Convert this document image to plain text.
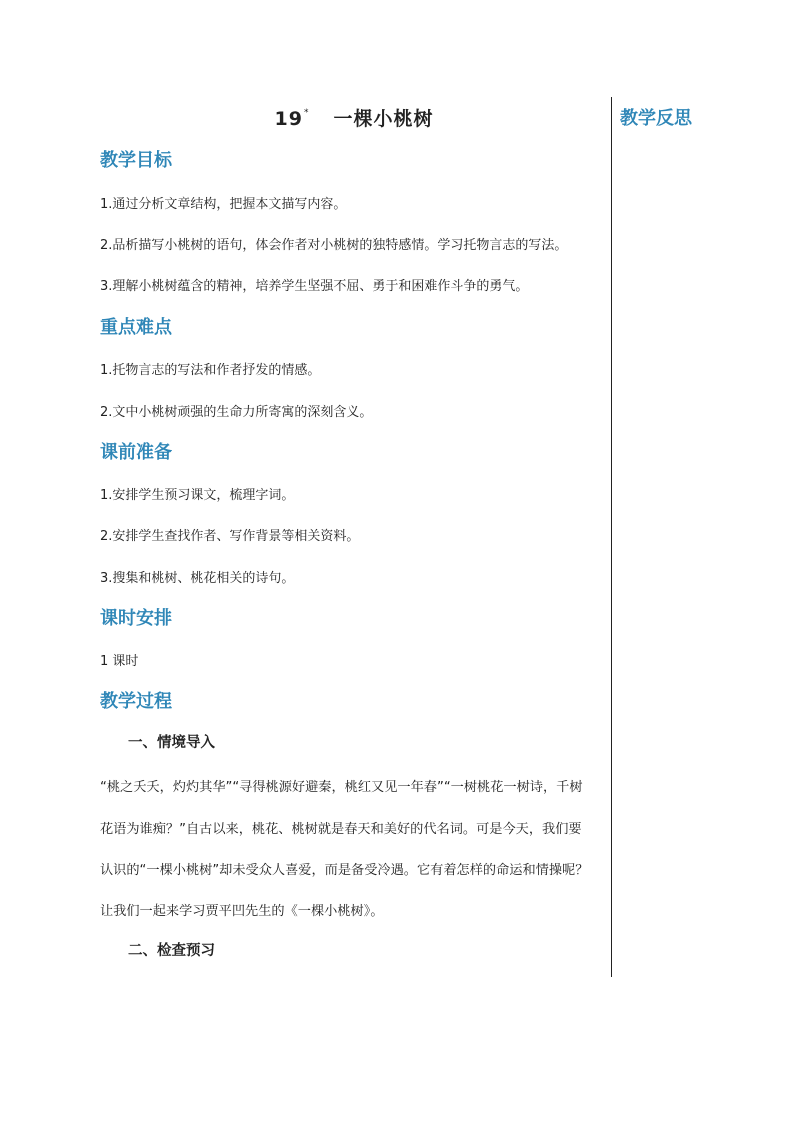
19* 一棵小桃树	教学反思
教学目标
1.通过分析文章结构，把握本文描写内容。
2.品析描写小桃树的语句，体会作者对小桃树的独特感情。学习托物言志的写法。
3.理解小桃树蕴含的精神，培养学生坚强不屈、勇于和困难作斗争的勇气。
重点难点
1.托物言志的写法和作者抒发的情感。
2.文中小桃树顽强的生命力所寄寓的深刻含义。
课前准备
1.安排学生预习课文，梳理字词。
2.安排学生查找作者、写作背景等相关资料。
3.搜集和桃树、桃花相关的诗句。
课时安排
1 课时
教学过程
一、情境导入
“桃之夭夭，灼灼其华”“寻得桃源好避秦，桃红又见一年春”“一树桃花一树诗，千树
花语为谁痴？”自古以来，桃花、桃树就是春天和美好的代名词。可是今天，我们要
认识的“一棵小桃树”却未受众人喜爱，而是备受冷遇。它有着怎样的命运和情操呢？
让我们一起来学习贾平凹先生的《一棵小桃树》。
二、检查预习
